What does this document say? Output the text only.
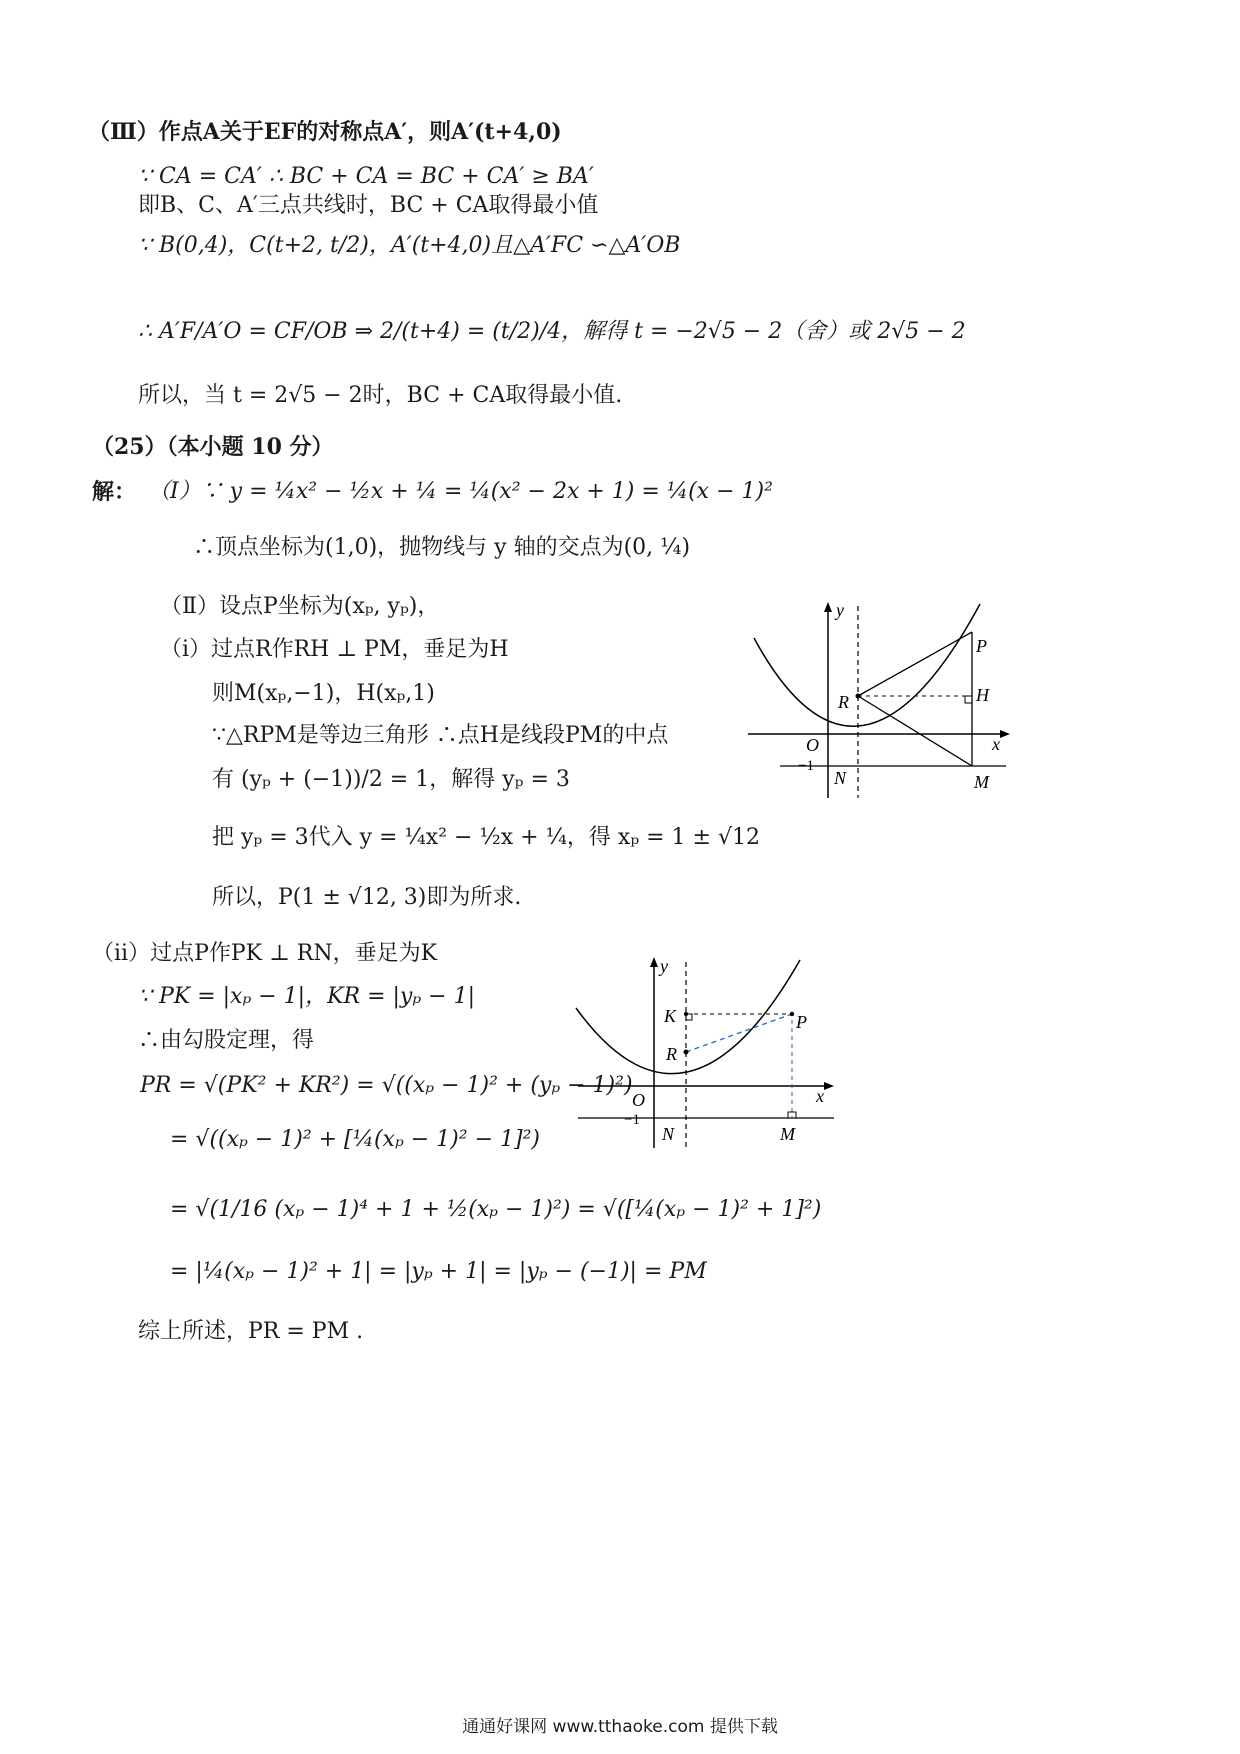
（Ⅲ）作点A关于EF的对称点A′，则A′(t+4,0)
∵ CA = CA′ ∴ BC + CA = BC + CA′ ≥ BA′
即B、C、A′三点共线时，BC + CA取得最小值
∵ B(0,4)，C(t+2, t/2)，A′(t+4,0)且△A′FC ∽△A′OB
∴ A′F/A′O = CF/OB ⇒ 2/(t+4) = (t/2)/4，解得 t = −2√5 − 2（舍）或 2√5 − 2
所以，当 t = 2√5 − 2时，BC + CA取得最小值.
（25）（本小题 10 分）
解： （Ⅰ）∵ y = ¼x² − ½x + ¼ = ¼(x² − 2x + 1) = ¼(x − 1)²
∴顶点坐标为(1,0)，抛物线与 y 轴的交点为(0, ¼)
（Ⅱ）设点P坐标为(xₚ, yₚ)，
（ⅰ）过点R作RH ⊥ PM，垂足为H
则M(xₚ,−1)，H(xₚ,1)
∵△RPM是等边三角形 ∴点H是线段PM的中点
有 (yₚ + (−1))/2 = 1，解得 yₚ = 3
把 yₚ = 3代入 y = ¼x² − ½x + ¼，得 xₚ = 1 ± √12
所以，P(1 ± √12, 3)即为所求.
（ⅱ）过点P作PK ⊥ RN，垂足为K
∵ PK = |xₚ − 1|，KR = |yₚ − 1|
∴由勾股定理，得
PR = √(PK² + KR²) = √((xₚ − 1)² + (yₚ − 1)²)
= √((xₚ − 1)² + [¼(xₚ − 1)² − 1]²)
= √(1/16 (xₚ − 1)⁴ + 1 + ½(xₚ − 1)²) = √([¼(xₚ − 1)² + 1]²)
= |¼(xₚ − 1)² + 1| = |yₚ + 1| = |yₚ − (−1)| = PM
综上所述，PR = PM .
y
x
O
−1
N	M
P
R	H
y
x
O
−1
N	M
P
R
K
通通好课网 www.tthaoke.com 提供下载
